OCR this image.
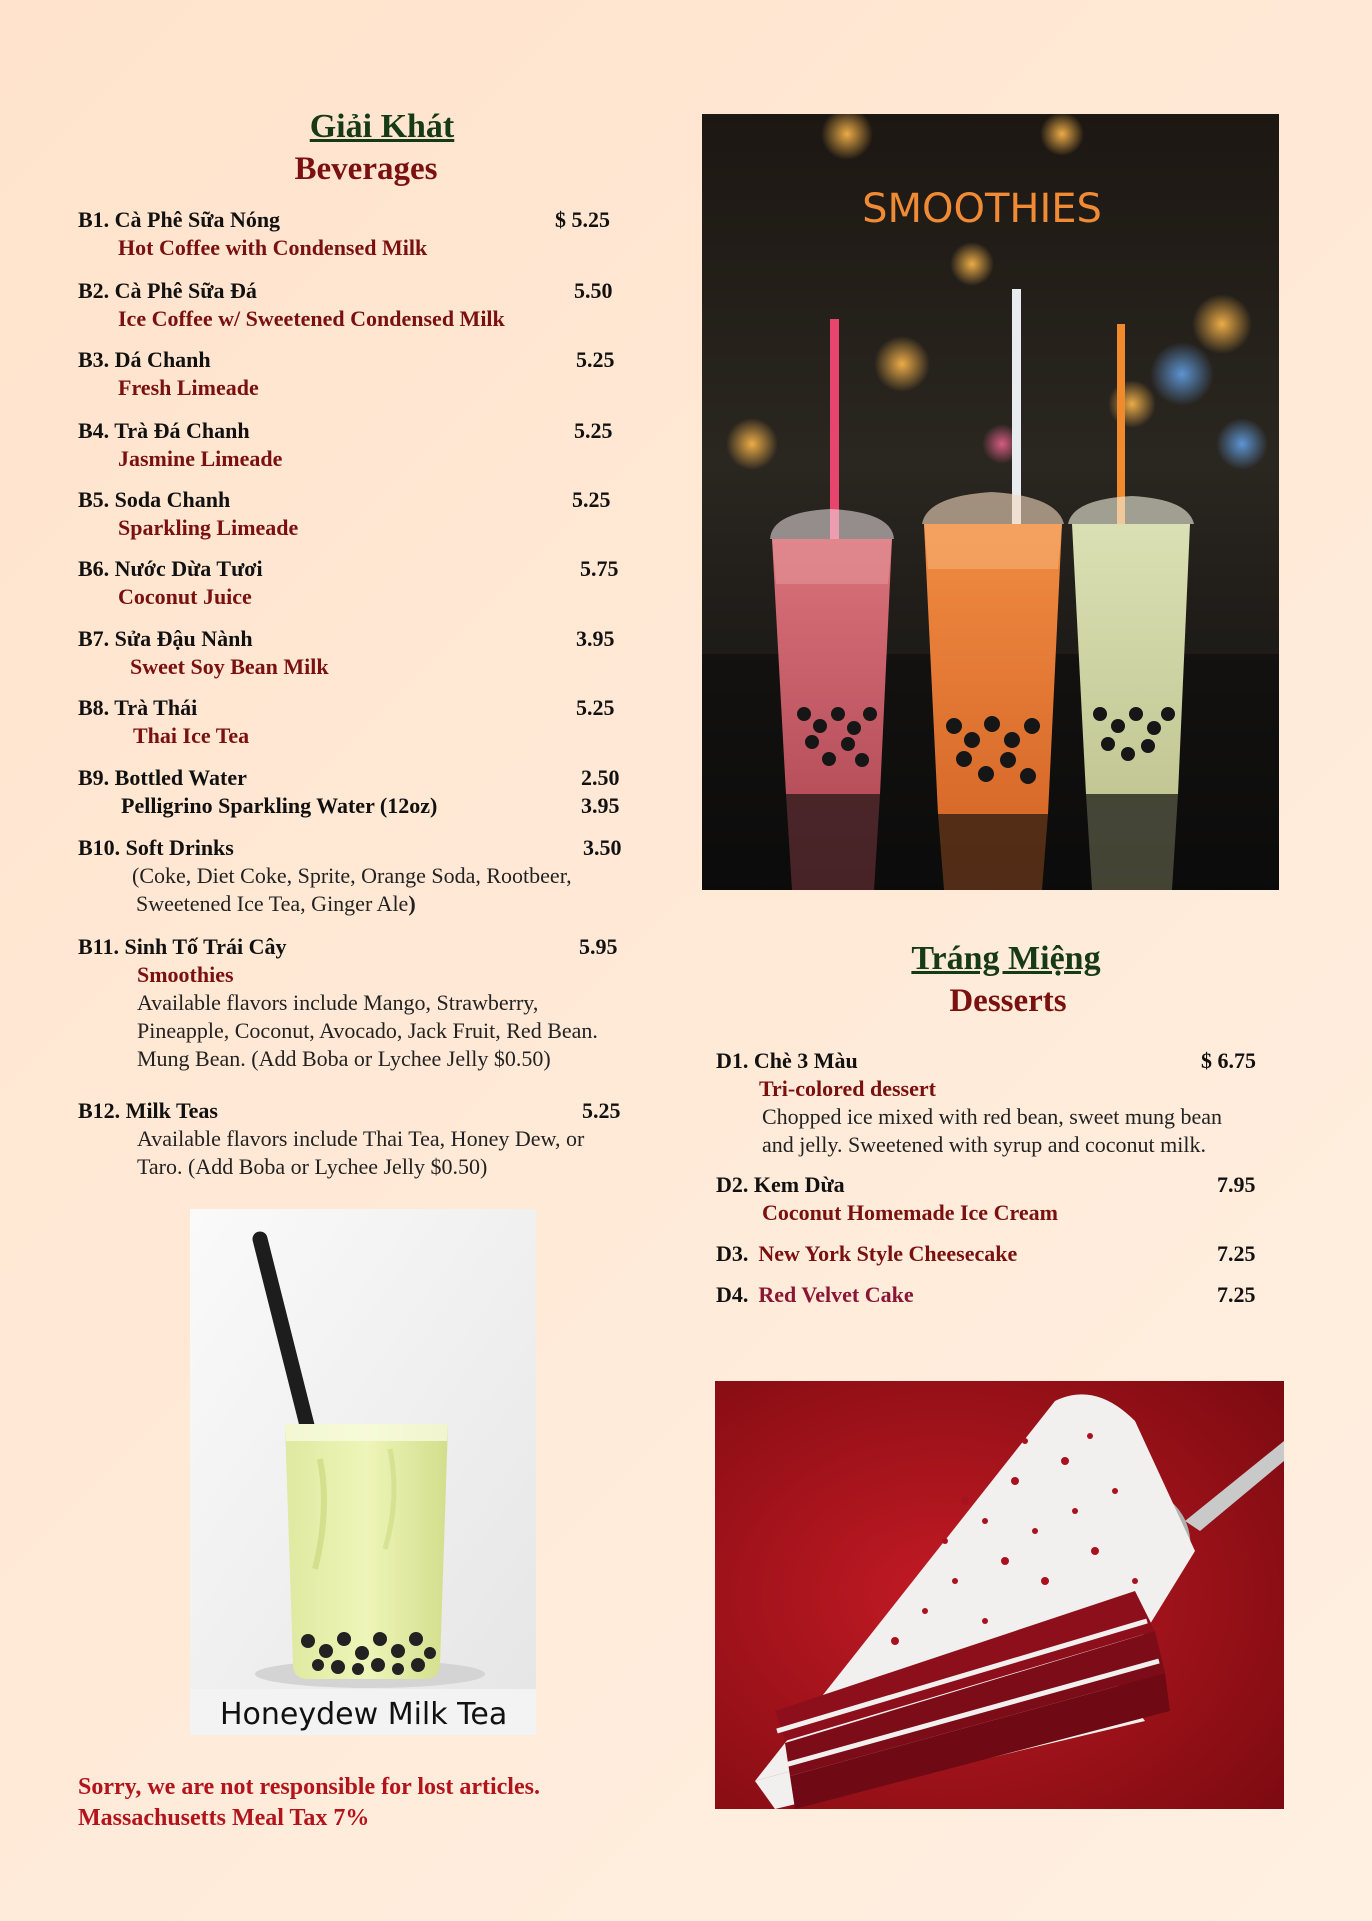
Giải Khát
Beverages
B1. Cà Phê Sữa Nóng	$ 5.25
Hot Coffee with Condensed Milk
B2. Cà Phê Sữa Đá	5.50
Ice Coffee w/ Sweetened Condensed Milk
B3. Dá Chanh	5.25
Fresh Limeade
B4. Trà Đá Chanh	5.25
Jasmine Limeade
B5. Soda Chanh	5.25
Sparkling Limeade
B6. Nước Dừa Tươi	5.75
Coconut Juice
B7. Sửa Đậu Nành	3.95
Sweet Soy Bean Milk
B8. Trà Thái	5.25
Thai Ice Tea
B9. Bottled Water	2.50
Pelligrino Sparkling Water (12oz)	3.95
B10. Soft Drinks	3.50
(Coke, Diet Coke, Sprite, Orange Soda, Rootbeer,
Sweetened Ice Tea, Ginger Ale)
B11. Sinh Tố Trái Cây	5.95
Smoothies
Available flavors include Mango, Strawberry,
Pineapple, Coconut, Avocado, Jack Fruit, Red Bean.
Mung Bean. (Add Boba or Lychee Jelly $0.50)
B12. Milk Teas	5.25
Available flavors include Thai Tea, Honey Dew, or
Taro. (Add Boba or Lychee Jelly $0.50)
SMOOTHIES
Tráng Miệng
Desserts
D1. Chè 3 Màu	$ 6.75
Tri-colored dessert
Chopped ice mixed with red bean, sweet mung bean
and jelly. Sweetened with syrup and coconut milk.
D2. Kem Dừa	7.95
Coconut Homemade Ice Cream
D3. New York Style Cheesecake	7.25
D4. Red Velvet Cake	7.25
Honeydew Milk Tea
Sorry, we are not responsible for lost articles.
Massachusetts Meal Tax 7%
